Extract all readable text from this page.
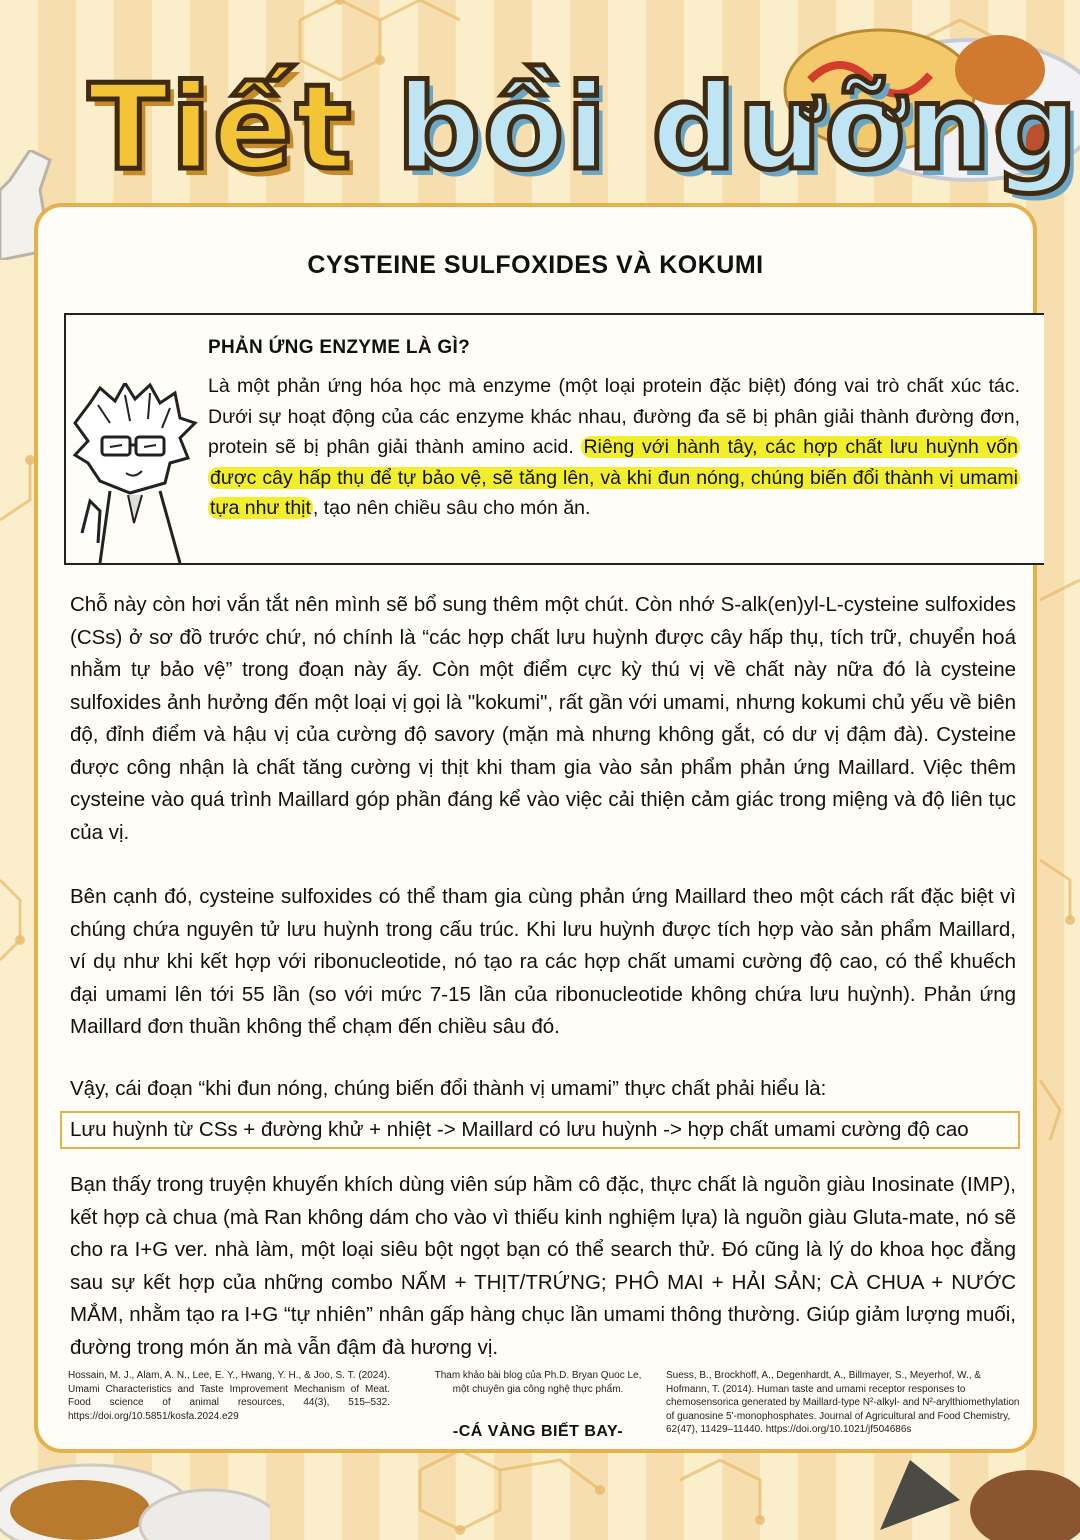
Tiết bồi dưỡng
CYSTEINE SULFOXIDES VÀ KOKUMI
PHẢN ỨNG ENZYME LÀ GÌ?

Là một phản ứng hóa học mà enzyme (một loại protein đặc biệt) đóng vai trò chất xúc tác. Dưới sự hoạt động của các enzyme khác nhau, đường đa sẽ bị phân giải thành đường đơn, protein sẽ bị phân giải thành amino acid. Riêng với hành tây, các hợp chất lưu huỳnh vốn được cây hấp thụ để tự bảo vệ, sẽ tăng lên, và khi đun nóng, chúng biến đổi thành vị umami tựa như thịt , tạo nên chiều sâu cho món ăn.

Chỗ này còn hơi vắn tắt nên mình sẽ bổ sung thêm một chút. Còn nhớ S-alk(en)yl-L-cysteine sulfoxides (CSs) ở sơ đồ trước chứ, nó chính là “các hợp chất lưu huỳnh được cây hấp thụ, tích trữ, chuyển hoá nhằm tự bảo vệ” trong đoạn này ấy. Còn một điểm cực kỳ thú vị về chất này nữa đó là cysteine sulfoxides ảnh hưởng đến một loại vị gọi là "kokumi", rất gần với umami, nhưng kokumi chủ yếu về biên độ, đỉnh điểm và hậu vị của cường độ savory (mặn mà nhưng không gắt, có dư vị đậm đà). Cysteine được công nhận là chất tăng cường vị thịt khi tham gia vào sản phẩm phản ứng Maillard. Việc thêm cysteine vào quá trình Maillard góp phần đáng kể vào việc cải thiện cảm giác trong miệng và độ liên tục của vị.

Bên cạnh đó, cysteine sulfoxides có thể tham gia cùng phản ứng Maillard theo một cách rất đặc biệt vì chúng chứa nguyên tử lưu huỳnh trong cấu trúc. Khi lưu huỳnh được tích hợp vào sản phẩm Maillard, ví dụ như khi kết hợp với ribonucleotide, nó tạo ra các hợp chất umami cường độ cao, có thể khuếch đại umami lên tới 55 lần (so với mức 7-15 lần của ribonucleotide không chứa lưu huỳnh). Phản ứng Maillard đơn thuần không thể chạm đến chiều sâu đó.

Vậy, cái đoạn “khi đun nóng, chúng biến đổi thành vị umami” thực chất phải hiểu là:

Lưu huỳnh từ CSs + đường khử + nhiệt -> Maillard có lưu huỳnh -> hợp chất umami cường độ cao

Bạn thấy trong truyện khuyến khích dùng viên súp hầm cô đặc, thực chất là nguồn giàu Inosinate (IMP), kết hợp cà chua (mà Ran không dám cho vào vì thiếu kinh nghiệm lựa) là nguồn giàu Gluta-mate, nó sẽ cho ra I+G ver. nhà làm, một loại siêu bột ngọt bạn có thể search thử. Đó cũng là lý do khoa học đằng sau sự kết hợp của những combo NẤM + THỊT/TRỨNG; PHÔ MAI + HẢI SẢN; CÀ CHUA + NƯỚC MẮM, nhằm tạo ra I+G “tự nhiên” nhân gấp hàng chục lần umami thông thường. Giúp giảm lượng muối, đường trong món ăn mà vẫn đậm đà hương vị.

Hossain, M. J., Alam, A. N., Lee, E. Y., Hwang, Y. H., & Joo, S. T. (2024). Umami Characteristics and Taste Improvement Mechanism of Meat. Food science of animal resources, 44(3), 515–532. https://doi.org/10.5851/kosfa.2024.e29

Tham khảo bài blog của Ph.D. Bryan Quoc Le, một chuyên gia công nghệ thực phẩm.

Suess, B., Brockhoff, A., Degenhardt, A., Billmayer, S., Meyerhof, W., & Hofmann, T. (2014). Human taste and umami receptor responses to chemosensorica generated by Maillard-type N²-alkyl- and N²-arylthiomethylation of guanosine 5ʹ-monophosphates. Journal of Agricultural and Food Chemistry, 62(47), 11429–11440. https://doi.org/10.1021/jf504686s

-CÁ VÀNG BIẾT BAY-
